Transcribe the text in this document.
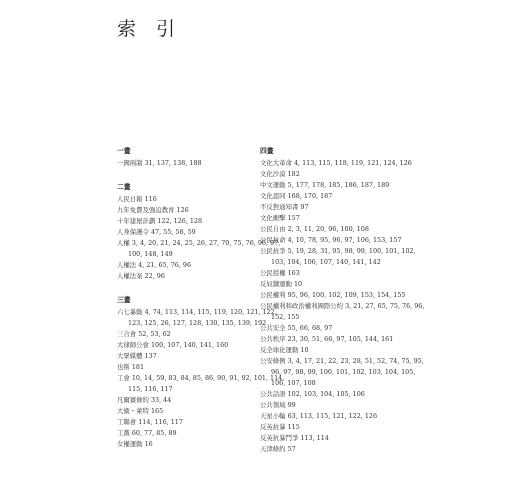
索 引
一畫
一國兩制 31, 137, 138, 188
二畫
人民日報 116
九年免費及強迫教育 126
十年建屋計劃 122, 126, 128
人身保護令 47, 55, 58, 59
人權 3, 4, 20, 21, 24, 25, 26, 27, 70, 75, 76, 96, 97, 100, 148, 149
人權法 4, 21, 65, 76, 96
人權法案 22, 96
三畫
六七暴動 4, 74, 113, 114, 115, 119, 120, 121, 122, 123, 125, 26, 127, 128, 130, 135, 139, 192
三合會 52, 53, 62
大律師公會 100, 107, 140, 141, 160
大眾媒體 137
也斯 181
工會 10, 14, 59, 83, 84, 85, 86, 90, 91, 92, 101, 114, 115, 116, 117
凡爾賽條約 33, 44
大衛・萊特 165
工聯會 114, 116, 117
工黨 60, 77, 85, 89
女權運動 16
四畫
文化大革命 4, 113, 115, 118, 119, 121, 124, 126
文化沙漠 182
中文運動 5, 177, 178, 185, 186, 187, 189
文化認同 168, 170, 187
不反對通知書 97
文化衝擊 157
公民自由 2, 3, 11, 20, 96, 100, 108
公民抗命 4, 10, 78, 95, 96, 97, 106, 153, 157
公民抗爭 5, 19, 28, 31, 95, 98, 99, 100, 101, 102, 103, 104, 106, 107, 140, 141, 142
公民授權 163
反奴隸運動 10
公民權利 95, 96, 100, 102, 109, 153, 154, 155
公民權利和政治權利國際公約 3, 21, 27, 65, 75, 76, 96, 152, 155
公共安全 55, 66, 68, 97
公共秩序 23, 30, 51, 66, 97, 105, 144, 161
反全球化運動 10
公安條例 3, 4, 17, 21, 22, 23, 28, 51, 52, 74, 75, 95, 96, 97, 98, 99, 100, 101, 102, 103, 104, 105, 106, 107, 108
公共話語 102, 103, 104, 105, 106
公共領域 99
天星小輪 63, 113, 115, 121, 122, 126
反英抗暴 115
反英抗暴鬥爭 113, 114
天津條約 57
